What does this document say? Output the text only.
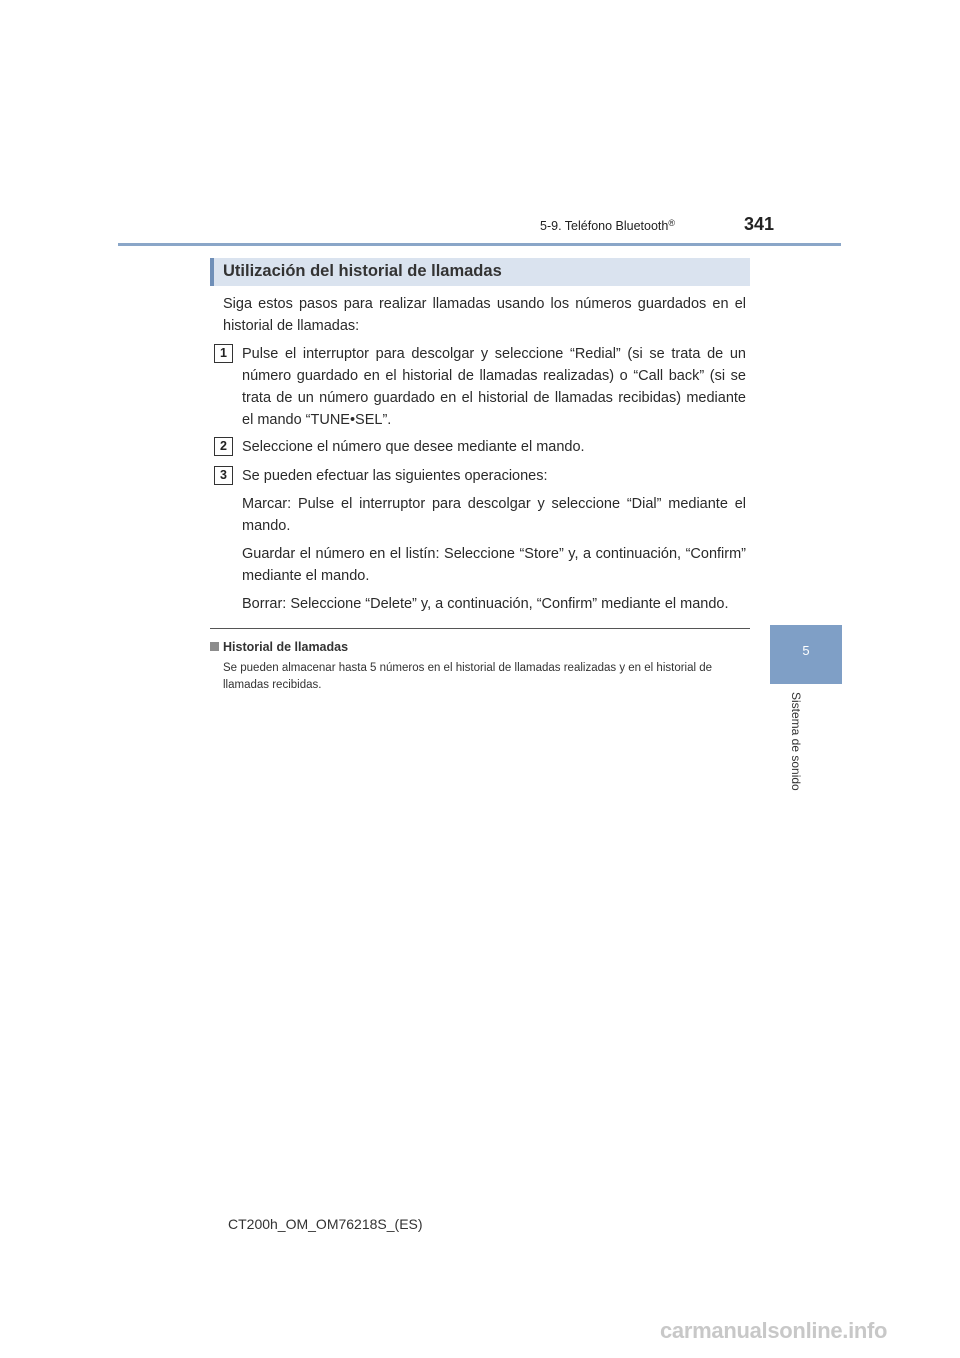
5-9. Teléfono Bluetooth®	341
Utilización del historial de llamadas

Siga estos pasos para realizar llamadas usando los números guardados en el historial de llamadas:

1	Pulse el interruptor para descolgar y seleccione “Redial” (si se trata de un número guardado en el historial de llamadas realizadas) o “Call back” (si se trata de un número guardado en el historial de llamadas recibidas) mediante el mando “TUNE•SEL”.

2	Seleccione el número que desee mediante el mando.

3	Se pueden efectuar las siguientes operaciones:

Marcar: Pulse el interruptor para descolgar y seleccione “Dial” mediante el mando.

Guardar el número en el listín: Seleccione “Store” y, a continuación, “Confirm” mediante el mando.

Borrar: Seleccione “Delete” y, a continuación, “Confirm” mediante el mando.

Historial de llamadas

Se pueden almacenar hasta 5 números en el historial de llamadas realizadas y en el historial de llamadas recibidas.

5
Sistema de sonido
CT200h_OM_OM76218S_(ES)
carmanualsonline.info
